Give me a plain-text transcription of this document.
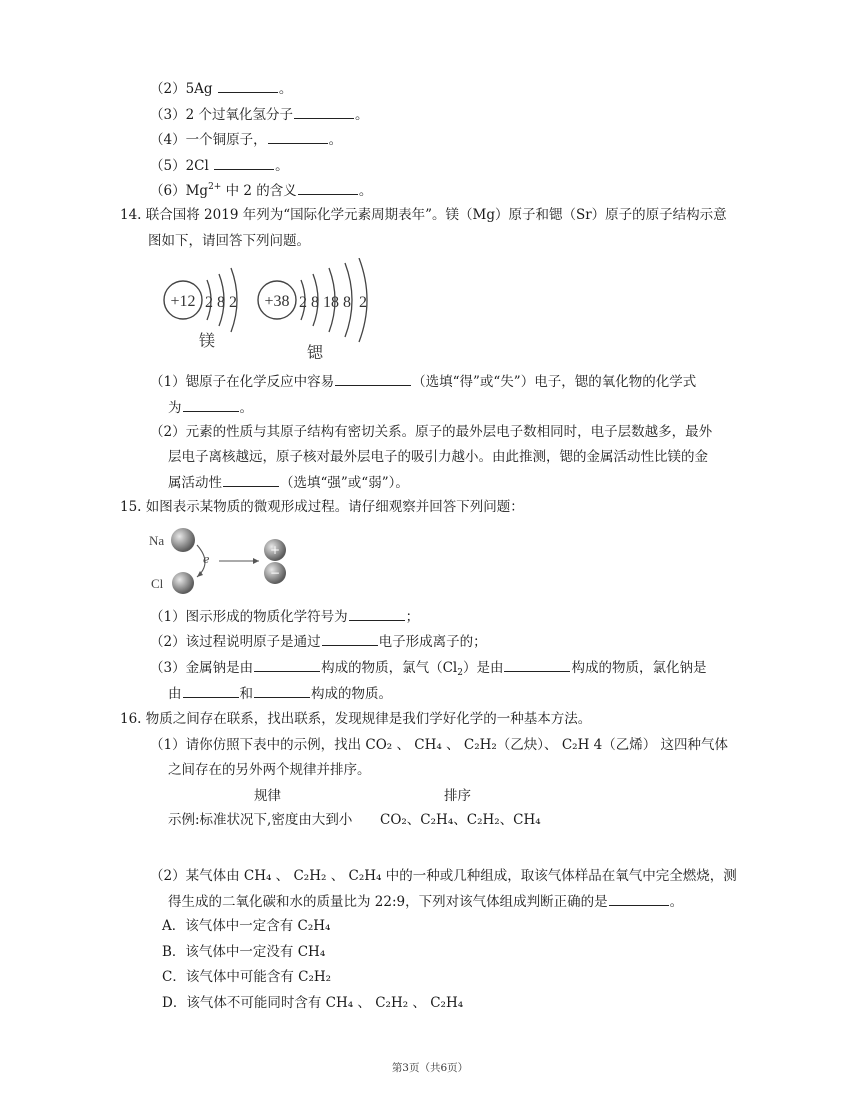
（2）5Ag	。
（3）2 个过氧化氢分子	。
（4）一个铜原子，	。
（5）2Cl	。
$(6)Mg^{2+}$ 中 2 的含义	。
14. 联合国将 2019 年列为“国际化学元素周期表年”。镁（Mg）原子和锶（Sr）原子的原子结构示意
图如下，请回答下列问题。
+12 2 8 2
镁
+38 2 8 18 8 2
锶
（1）锶原子在化学反应中容易	（选填“得”或“失”）电子，锶的氧化物的化学式
为	。
（2）元素的性质与其原子结构有密切关系。原子的最外层电子数相同时，电子层数越多，最外
层电子离核越远，原子核对最外层电子的吸引力越小。由此推测，锶的金属活动性比镁的金
属活动性	（选填“强”或“弱”）。
15. 如图表示某物质的微观形成过程。请仔细观察并回答下列问题：
Na
Cl
e
+
−
（1）图示形成的物质化学符号为	；
（2）该过程说明原子是通过	电子形成离子的；
（3）金属钠是由	构成的物质，氯气$(Cl_2)$是由	构成的物质，氯化钠是
由	和	构成的物质。
16. 物质之间存在联系，找出联系，发现规律是我们学好化学的一种基本方法。
（1）请你仿照下表中的示例，找出 CO₂ 、 CH₄ 、 C₂H₂（乙炔）、 C₂H 4（乙烯） 这四种气体
之间存在的另外两个规律并排序。
规律	排序
示例:标准状况下,密度由大到小 CO₂、C₂H₄、C₂H₂、CH₄
（2）某气体由 CH₄ 、 C₂H₂ 、 C₂H₄ 中的一种或几种组成，取该气体样品在氧气中完全燃烧，测
得生成的二氧化碳和水的质量比为 22:9，下列对该气体组成判断正确的是	。
A．该气体中一定含有 C₂H₄
B．该气体中一定没有 CH₄
C．该气体中可能含有 C₂H₂
D．该气体不可能同时含有 CH₄ 、 C₂H₂ 、 C₂H₄
第3页（共6页）
